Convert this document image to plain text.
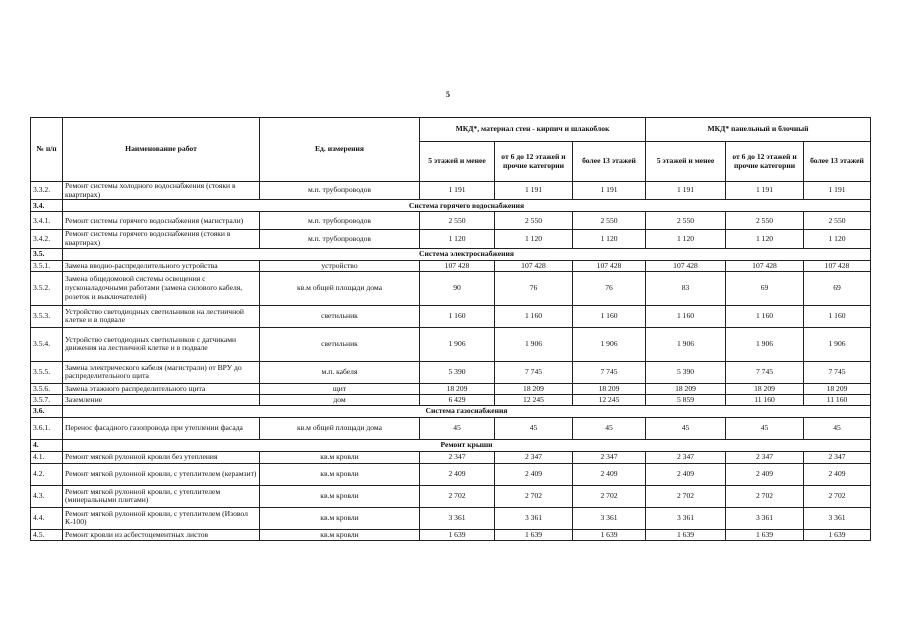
5
№ п/п	Наименование работ	Ед. измерения	МКД*, материал стен - кирпич и шлакоблок			МКД* панельный и блочный		
			5 этажей и менее	от 6 до 12 этажей и прочие категории	более 13 этажей	5 этажей и менее	от 6 до 12 этажей и прочие категории	более 13 этажей
3.3.2.	Ремонт системы холодного водоснабжения (стояки в квартирах)	м.п. трубопроводов	1 191	1 191	1 191	1 191	1 191	1 191
3.4.	Система горячего водоснабжения							
3.4.1.	Ремонт системы горячего водоснабжения (магистрали)	м.п. трубопроводов	2 550	2 550	2 550	2 550	2 550	2 550
3.4.2.	Ремонт системы горячего водоснабжения (стояки в квартирах)	м.п. трубопроводов	1 120	1 120	1 120	1 120	1 120	1 120
3.5.	Система электроснабжения							
3.5.1.	Замена вводно-распределительного устройства	устройство	107 428	107 428	107 428	107 428	107 428	107 428
3.5.2.	Замена общедомовой системы освещения с пусконаладочными работами (замена силового кабеля, розеток и выключателей)	кв.м общей площади дома	90	76	76	83	69	69
3.5.3.	Устройство светодиодных светильников на лестничной клетке и в подвале	светильник	1 160	1 160	1 160	1 160	1 160	1 160
3.5.4.	Устройство светодиодных светильников с датчиками движения на лестничной клетке и в подвале	светильник	1 906	1 906	1 906	1 906	1 906	1 906
3.5.5.	Замена электрического кабеля (магистрали) от ВРУ до распределительного щита	м.п. кабеля	5 390	7 745	7 745	5 390	7 745	7 745
3.5.6.	Замена этажного распределительного щита	щит	18 209	18 209	18 209	18 209	18 209	18 209
3.5.7.	Заземление	дом	6 429	12 245	12 245	5 859	11 160	11 160
3.6.	Система газоснабжения							
3.6.1.	Перенос фасадного газопровода при утеплении фасада	кв.м общей площади дома	45	45	45	45	45	45
4.	Ремонт крыши							
4.1.	Ремонт мягкой рулонной кровли без утепления	кв.м кровли	2 347	2 347	2 347	2 347	2 347	2 347
4.2.	Ремонт мягкой рулонной кровли, с утеплителем (керамзит)	кв.м кровли	2 409	2 409	2 409	2 409	2 409	2 409
4.3.	Ремонт мягкой рулонной кровли, с утеплителем (минеральными плитами)	кв.м кровли	2 702	2 702	2 702	2 702	2 702	2 702
4.4.	Ремонт мягкой рулонной кровли, с утеплителем (Изовол К-100)	кв.м кровли	3 361	3 361	3 361	3 361	3 361	3 361
4.5.	Ремонт кровли из асбестоцементных листов	кв.м кровли	1 639	1 639	1 639	1 639	1 639	1 639
